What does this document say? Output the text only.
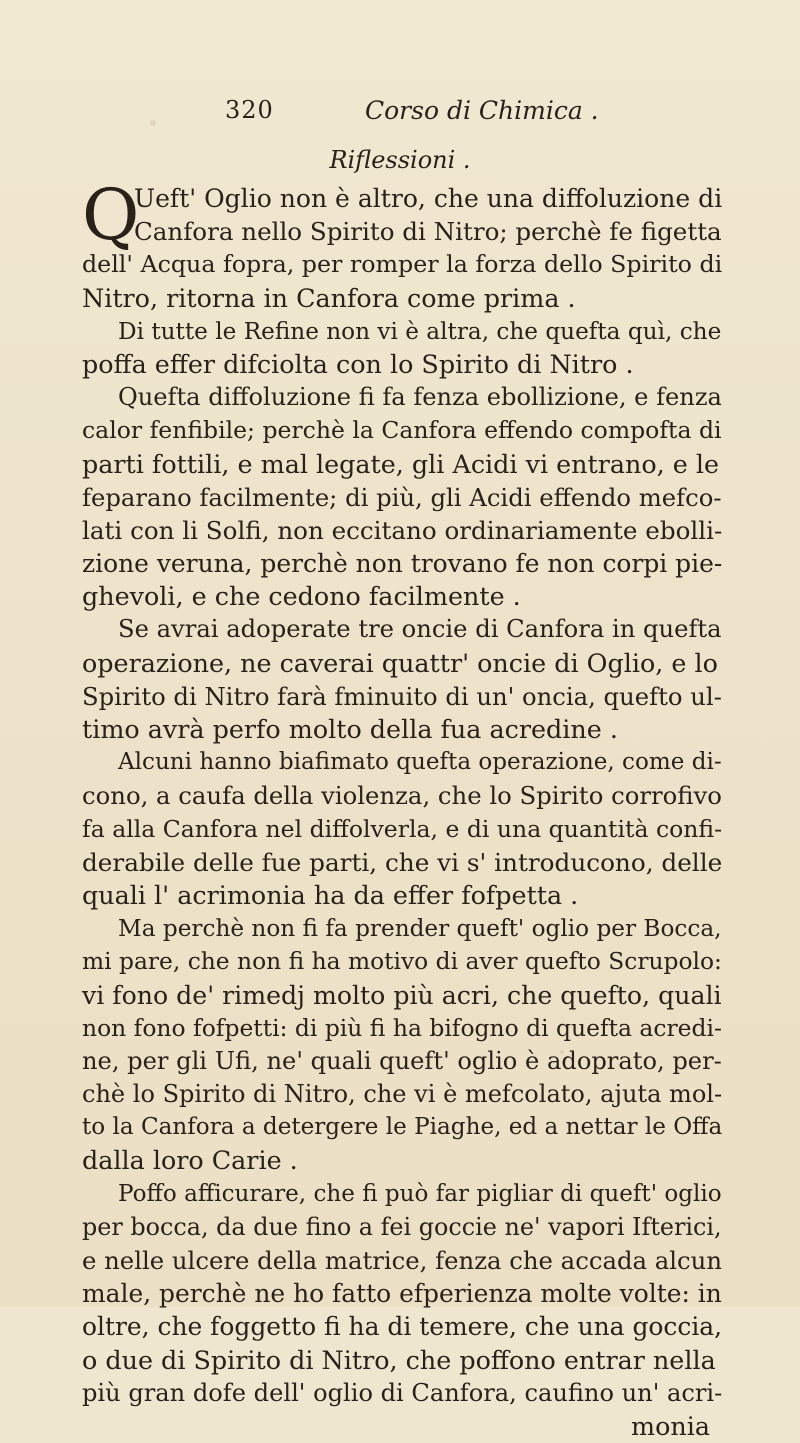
320	Corso di Chimica .
Riflessioni .
Q
Ueft' Oglio non è altro, che una diffoluzione di
Canfora nello Spirito di Nitro; perchè fe figetta
dell' Acqua fopra, per romper la forza dello Spirito di
Nitro, ritorna in Canfora come prima .
Di tutte le Refine non vi è altra, che quefta quì, che
poffa effer difciolta con lo Spirito di Nitro .
Quefta diffoluzione fi fa fenza ebollizione, e fenza
calor fenfibile; perchè la Canfora effendo compofta di
parti fottili, e mal legate, gli Acidi vi entrano, e le
feparano facilmente; di più, gli Acidi effendo mefco-
lati con li Solfi, non eccitano ordinariamente ebolli-
zione veruna, perchè non trovano fe non corpi pie-
ghevoli, e che cedono facilmente .
Se avrai adoperate tre oncie di Canfora in quefta
operazione, ne caverai quattr' oncie di Oglio, e lo
Spirito di Nitro farà fminuito di un' oncia, quefto ul-
timo avrà perfo molto della fua acredine .
Alcuni hanno biafimato quefta operazione, come di-
cono, a caufa della violenza, che lo Spirito corrofivo
fa alla Canfora nel diffolverla, e di una quantità confi-
derabile delle fue parti, che vi s' introducono, delle
quali l' acrimonia ha da effer fofpetta .
Ma perchè non fi fa prender queft' oglio per Bocca,
mi pare, che non fi ha motivo di aver quefto Scrupolo:
vi fono de' rimedj molto più acri, che quefto, quali
non fono fofpetti: di più fi ha bifogno di quefta acredi-
ne, per gli Ufi, ne' quali queft' oglio è adoprato, per-
chè lo Spirito di Nitro, che vi è mefcolato, ajuta mol-
to la Canfora a detergere le Piaghe, ed a nettar le Offa
dalla loro Carie .
Poffo afficurare, che fi può far pigliar di queft' oglio
per bocca, da due fino a fei goccie ne' vapori Ifterici,
e nelle ulcere della matrice, fenza che accada alcun
male, perchè ne ho fatto efperienza molte volte: in
oltre, che foggetto fi ha di temere, che una goccia,
o due di Spirito di Nitro, che poffono entrar nella
più gran dofe dell' oglio di Canfora, caufino un' acri-
monia
